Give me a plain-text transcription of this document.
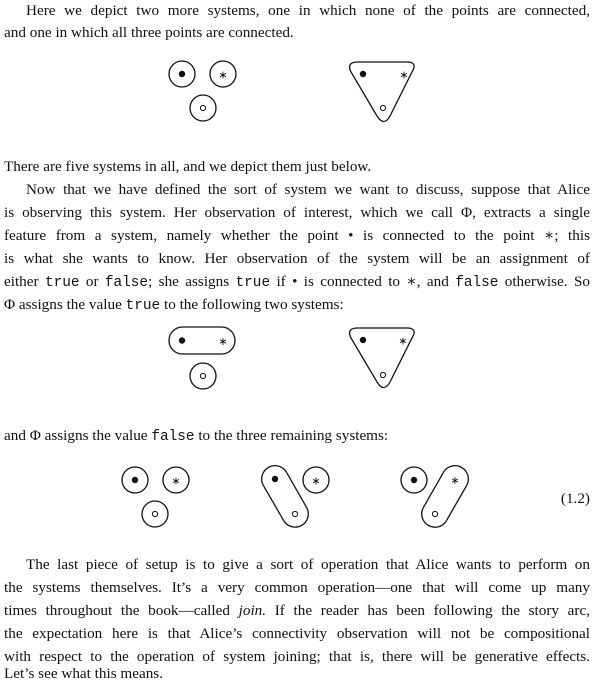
Here we depict two more systems, one in which none of the points are connected,
and one in which all three points are connected.
∗	∗
There are five systems in all, and we depict them just below.
Now that we have defined the sort of system we want to discuss, suppose that Alice
is observing this system. Her observation of interest, which we call Φ, extracts a single
feature from a system, namely whether the point • is connected to the point ∗; this
is what she wants to know. Her observation of the system will be an assignment of
either true or false; she assigns true if • is connected to ∗, and false otherwise. So
Φ assigns the value true to the following two systems:
∗	∗
and Φ assigns the value false to the three remaining systems:
∗	∗	∗
(1.2)
The last piece of setup is to give a sort of operation that Alice wants to perform on
the systems themselves. It’s a very common operation—one that will come up many
times throughout the book—called join. If the reader has been following the story arc,
the expectation here is that Alice’s connectivity observation will not be compositional
with respect to the operation of system joining; that is, there will be generative effects.
Let’s see what this means.
